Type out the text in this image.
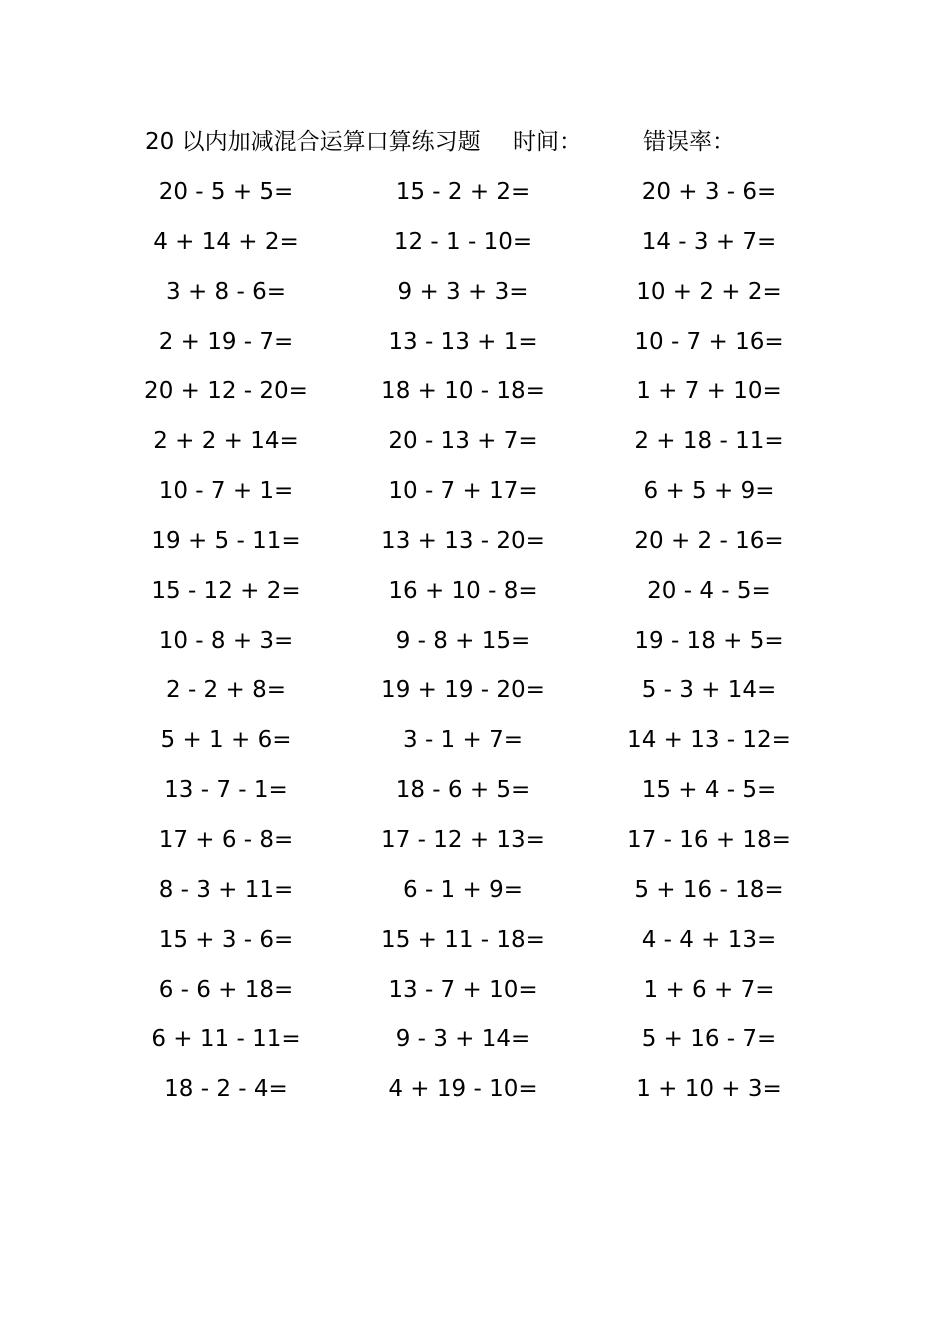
20 以内加减混合运算口算练习题 时间：	错误率：
20 - 5 + 5=	15 - 2 + 2=	20 + 3 - 6=
4 + 14 + 2=	12 - 1 - 10=	14 - 3 + 7=
3 + 8 - 6=	9 + 3 + 3=	10 + 2 + 2=
2 + 19 - 7=	13 - 13 + 1=	10 - 7 + 16=
20 + 12 - 20=	18 + 10 - 18=	1 + 7 + 10=
2 + 2 + 14=	20 - 13 + 7=	2 + 18 - 11=
10 - 7 + 1=	10 - 7 + 17=	6 + 5 + 9=
19 + 5 - 11=	13 + 13 - 20=	20 + 2 - 16=
15 - 12 + 2=	16 + 10 - 8=	20 - 4 - 5=
10 - 8 + 3=	9 - 8 + 15=	19 - 18 + 5=
2 - 2 + 8=	19 + 19 - 20=	5 - 3 + 14=
5 + 1 + 6=	3 - 1 + 7=	14 + 13 - 12=
13 - 7 - 1=	18 - 6 + 5=	15 + 4 - 5=
17 + 6 - 8=	17 - 12 + 13=	17 - 16 + 18=
8 - 3 + 11=	6 - 1 + 9=	5 + 16 - 18=
15 + 3 - 6=	15 + 11 - 18=	4 - 4 + 13=
6 - 6 + 18=	13 - 7 + 10=	1 + 6 + 7=
6 + 11 - 11=	9 - 3 + 14=	5 + 16 - 7=
18 - 2 - 4=	4 + 19 - 10=	1 + 10 + 3=
